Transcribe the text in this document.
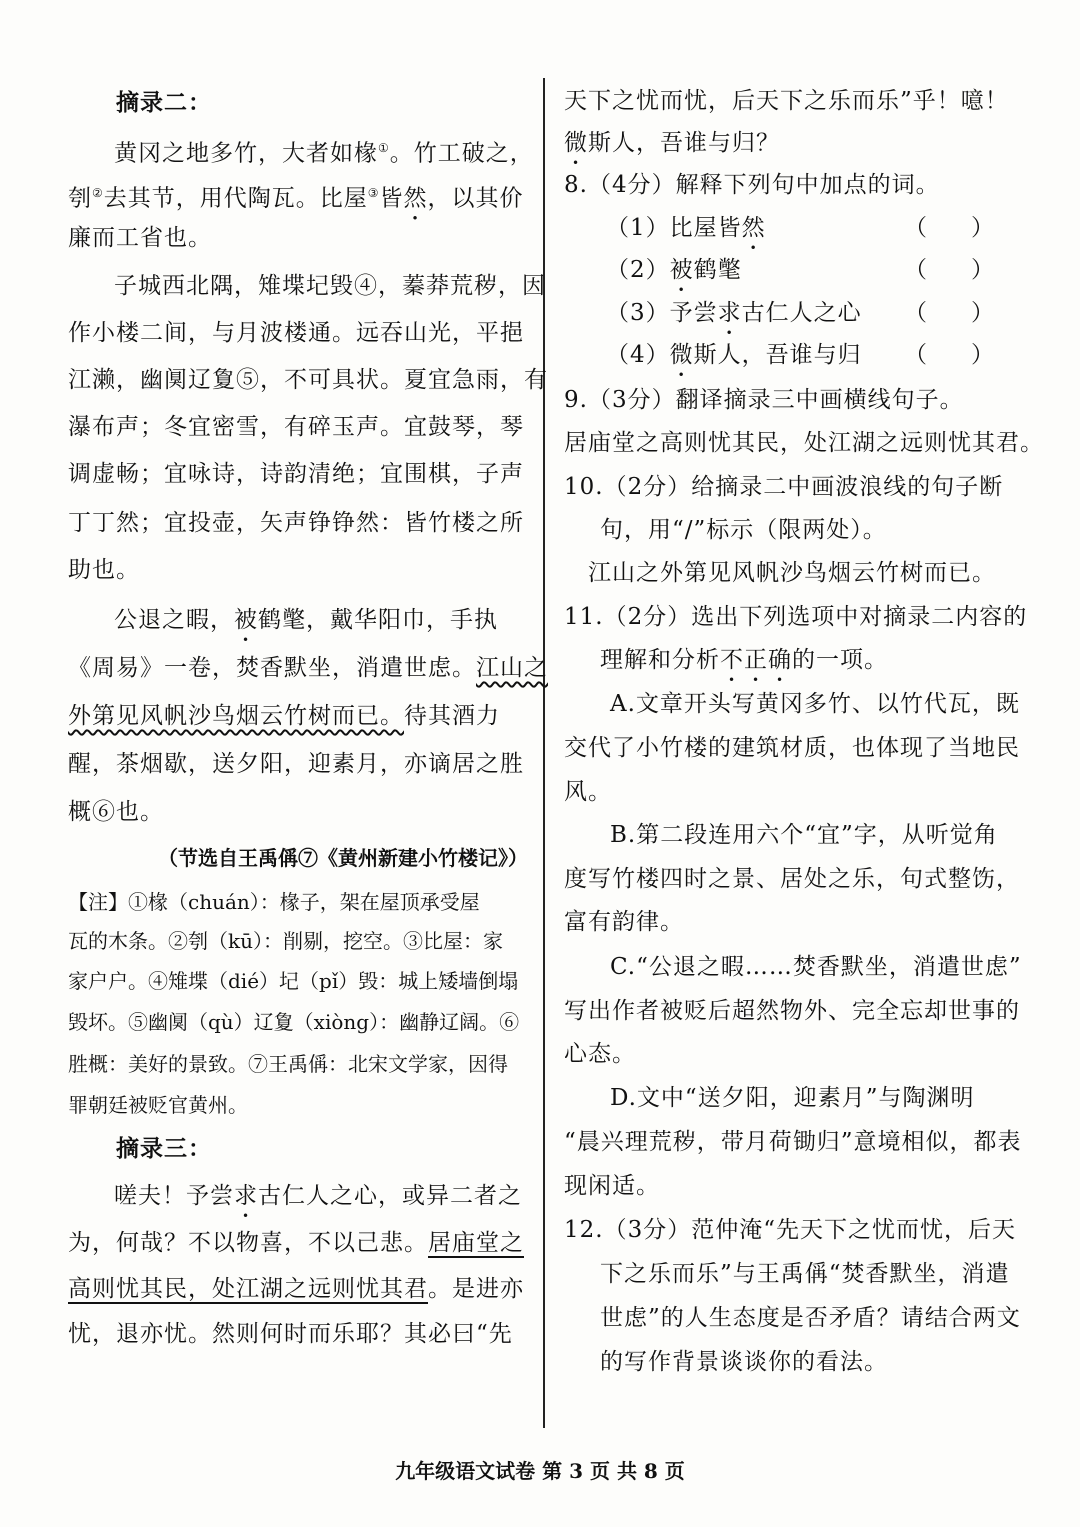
摘录二：
黄冈之地多竹，大者如椽①。竹工破之，
刳②去其节，用代陶瓦。比屋③皆然，以其价
廉而工省也。
子城西北隅，雉堞圮毁④，蓁莽荒秽，因
作小楼二间，与月波楼通。远吞山光，平挹
江濑，幽阒辽夐⑤，不可具状。夏宜急雨，有
瀑布声；冬宜密雪，有碎玉声。宜鼓琴，琴
调虚畅；宜咏诗，诗韵清绝；宜围棋，子声
丁丁然；宜投壶，矢声铮铮然：皆竹楼之所
助也。
公退之暇，被鹤氅，戴华阳巾，手执
《周易》一卷，焚香默坐，消遣世虑。江山之
外第见风帆沙鸟烟云竹树而已。待其酒力
醒，茶烟歇，送夕阳，迎素月，亦谪居之胜
概⑥也。
（节选自王禹偁⑦《黄州新建小竹楼记》）
【注】①椽（chuán）：椽子，架在屋顶承受屋
瓦的木条。②刳（kū）：削剔，挖空。③比屋：家
家户户。④雉堞（dié）圮（pǐ）毁：城上矮墙倒塌
毁坏。⑤幽阒（qù）辽夐（xiòng）：幽静辽阔。⑥
胜概：美好的景致。⑦王禹偁：北宋文学家，因得
罪朝廷被贬官黄州。
摘录三：
嗟夫！予尝求古仁人之心，或异二者之
为，何哉？不以物喜，不以己悲。居庙堂之
高则忧其民，处江湖之远则忧其君。是进亦
忧，退亦忧。然则何时而乐耶？其必曰“先
天下之忧而忧，后天下之乐而乐”乎！噫！
微斯人，吾谁与归？
8.（4分）解释下列句中加点的词。
（1）比屋皆然	（ ）
（2）被鹤氅	（ ）
（3）予尝求古仁人之心 （ ）
（4）微斯人，吾谁与归 （ ）
9.（3分）翻译摘录三中画横线句子。
居庙堂之高则忧其民，处江湖之远则忧其君。
10.（2分）给摘录二中画波浪线的句子断
句，用“/”标示（限两处）。
江山之外第见风帆沙鸟烟云竹树而已。
11.（2分）选出下列选项中对摘录二内容的
理解和分析不正确的一项。
A.文章开头写黄冈多竹、以竹代瓦，既
交代了小竹楼的建筑材质，也体现了当地民
风。
B.第二段连用六个“宜”字，从听觉角
度写竹楼四时之景、居处之乐，句式整饬，
富有韵律。
C.“公退之暇……焚香默坐，消遣世虑”
写出作者被贬后超然物外、完全忘却世事的
心态。
D.文中“送夕阳，迎素月”与陶渊明
“晨兴理荒秽，带月荷锄归”意境相似，都表
现闲适。
12.（3分）范仲淹“先天下之忧而忧，后天
下之乐而乐”与王禹偁“焚香默坐，消遣
世虑”的人生态度是否矛盾？请结合两文
的写作背景谈谈你的看法。
九年级语文试卷 第 3 页 共 8 页
